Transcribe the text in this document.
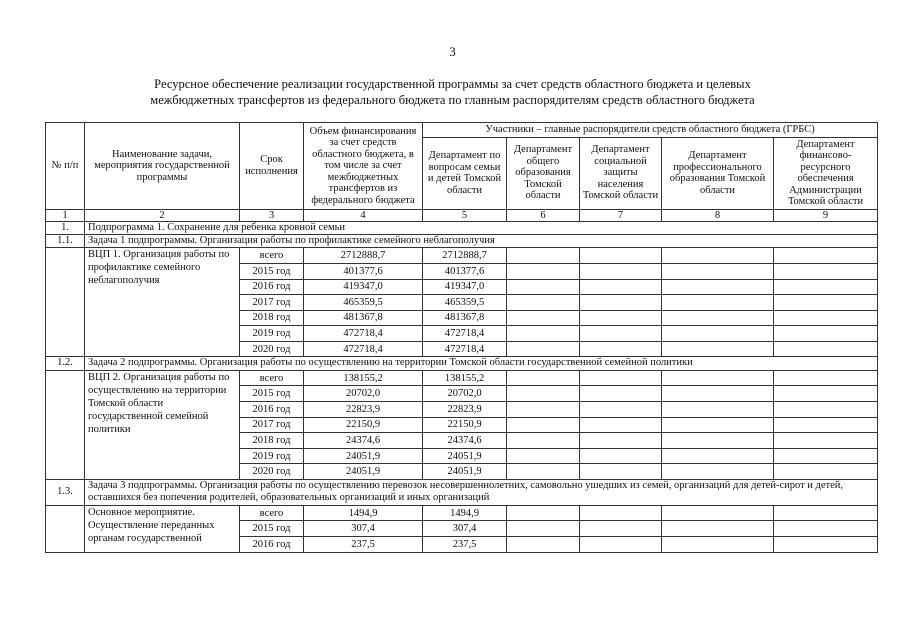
3
Ресурсное обеспечение реализации государственной программы за счет средств областного бюджета и целевых
межбюджетных трансфертов из федерального бюджета по главным распорядителям средств областного бюджета
№ п/п	Наименование задачи, мероприятия государственной программы	Срок исполнения	Объем финансирования за счет средств областного бюджета, в том числе за счет межбюджетных трансфертов из федерального бюджета	Участники – главные распорядители средств областного бюджета (ГРБС)				
				Департамент по вопросам семьи и детей Томской области	Департамент общего образования Томской области	Департамент социальной защиты населения Томской области	Департамент профессионального образования Томской области	Департамент финансово-ресурсного обеспечения Администрации Томской области
1	2	3	4	5	6	7	8	9
1.	Подпрограмма 1. Сохранение для ребенка кровной семьи							
1.1.	Задача 1 подпрограммы. Организация работы по профилактике семейного неблагополучия							
	ВЦП 1. Организация работы по профилактике семейного неблагополучия	всего	2712888,7	2712888,7				
		2015 год	401377,6	401377,6				
		2016 год	419347,0	419347,0				
		2017 год	465359,5	465359,5				
		2018 год	481367,8	481367,8				
		2019 год	472718,4	472718,4				
		2020 год	472718,4	472718,4				
1.2.	Задача 2 подпрограммы. Организация работы по осуществлению на территории Томской области государственной семейной политики							
	ВЦП 2. Организация работы по осуществлению на территории Томской области государственной семейной политики	всего	138155,2	138155,2				
		2015 год	20702,0	20702,0				
		2016 год	22823,9	22823,9				
		2017 год	22150,9	22150,9				
		2018 год	24374,6	24374,6				
		2019 год	24051,9	24051,9				
		2020 год	24051,9	24051,9				
1.3.	Задача 3 подпрограммы. Организация работы по осуществлению перевозок несовершеннолетних, самовольно ушедших из семей, организаций для детей-сирот и детей, оставшихся без попечения родителей, образовательных организаций и иных организаций							
	Основное мероприятие. Осуществление переданных органам государственной	всего	1494,9	1494,9				
		2015 год	307,4	307,4				
		2016 год	237,5	237,5				
